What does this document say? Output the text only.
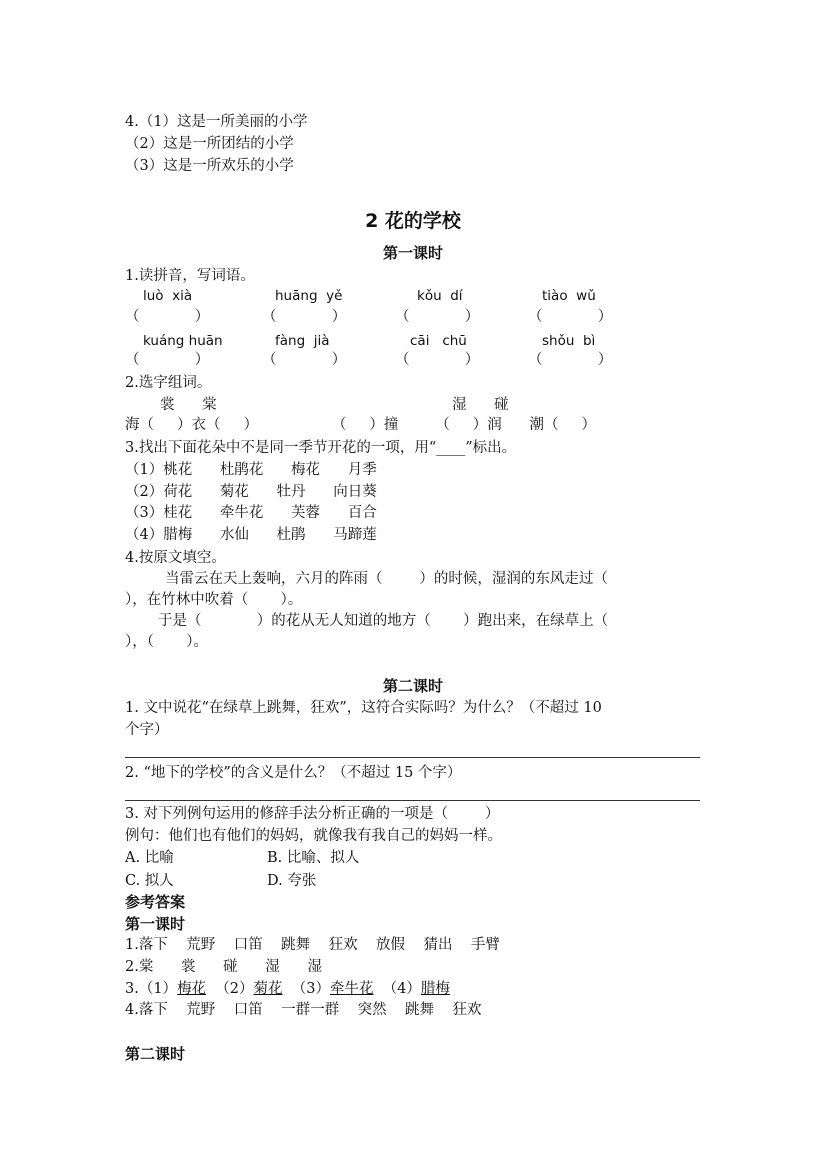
4.（1）这是一所美丽的小学
（2）这是一所团结的小学
（3）这是一所欢乐的小学
2 花的学校
第一课时
1.读拼音，写词语。
luò  xià	huāng  yě	kǒu  dí	tiào  wǔ
（            ）	（            ）	（            ）	（            ）
kuáng huān	fàng  jià	cāi   chū	shǒu  bì
（            ）	（            ）	（            ）	（            ）
2.选字组词。
裳      棠	湿      碰
海（     ）衣（     ）                （     ）撞        （     ）润      潮（     ）
3.找出下面花朵中不是同一季节开花的一项，用“____”标出。
（1）桃花      杜鹃花      梅花      月季
（2）荷花      菊花      牡丹      向日葵
（3）桂花      牵牛花      芙蓉      百合
（4）腊梅      水仙      杜鹃      马蹄莲
4.按原文填空。
当雷云在天上轰响，六月的阵雨（        ）的时候，湿润的东风走过（
），在竹林中吹着（       ）。
于是（            ）的花从无人知道的地方（       ）跑出来，在绿草上（
），（       ）。
第二课时
1. 文中说花“在绿草上跳舞，狂欢”，这符合实际吗？为什么？（不超过 10
个字）
2. “地下的学校”的含义是什么？（不超过 15 个字）
3. 对下列例句运用的修辞手法分析正确的一项是（        ）
例句：他们也有他们的妈妈，就像我有我自己的妈妈一样。
A. 比喻	B. 比喻、拟人
C. 拟人	D. 夸张
参考答案
第一课时
1.落下    荒野    口笛    跳舞    狂欢    放假    猜出    手臂
2.棠      裳      碰      湿      湿
3.（1）梅花  （2）菊花  （3）牵牛花  （4）腊梅
4.落下    荒野    口笛    一群一群    突然    跳舞    狂欢
第二课时
